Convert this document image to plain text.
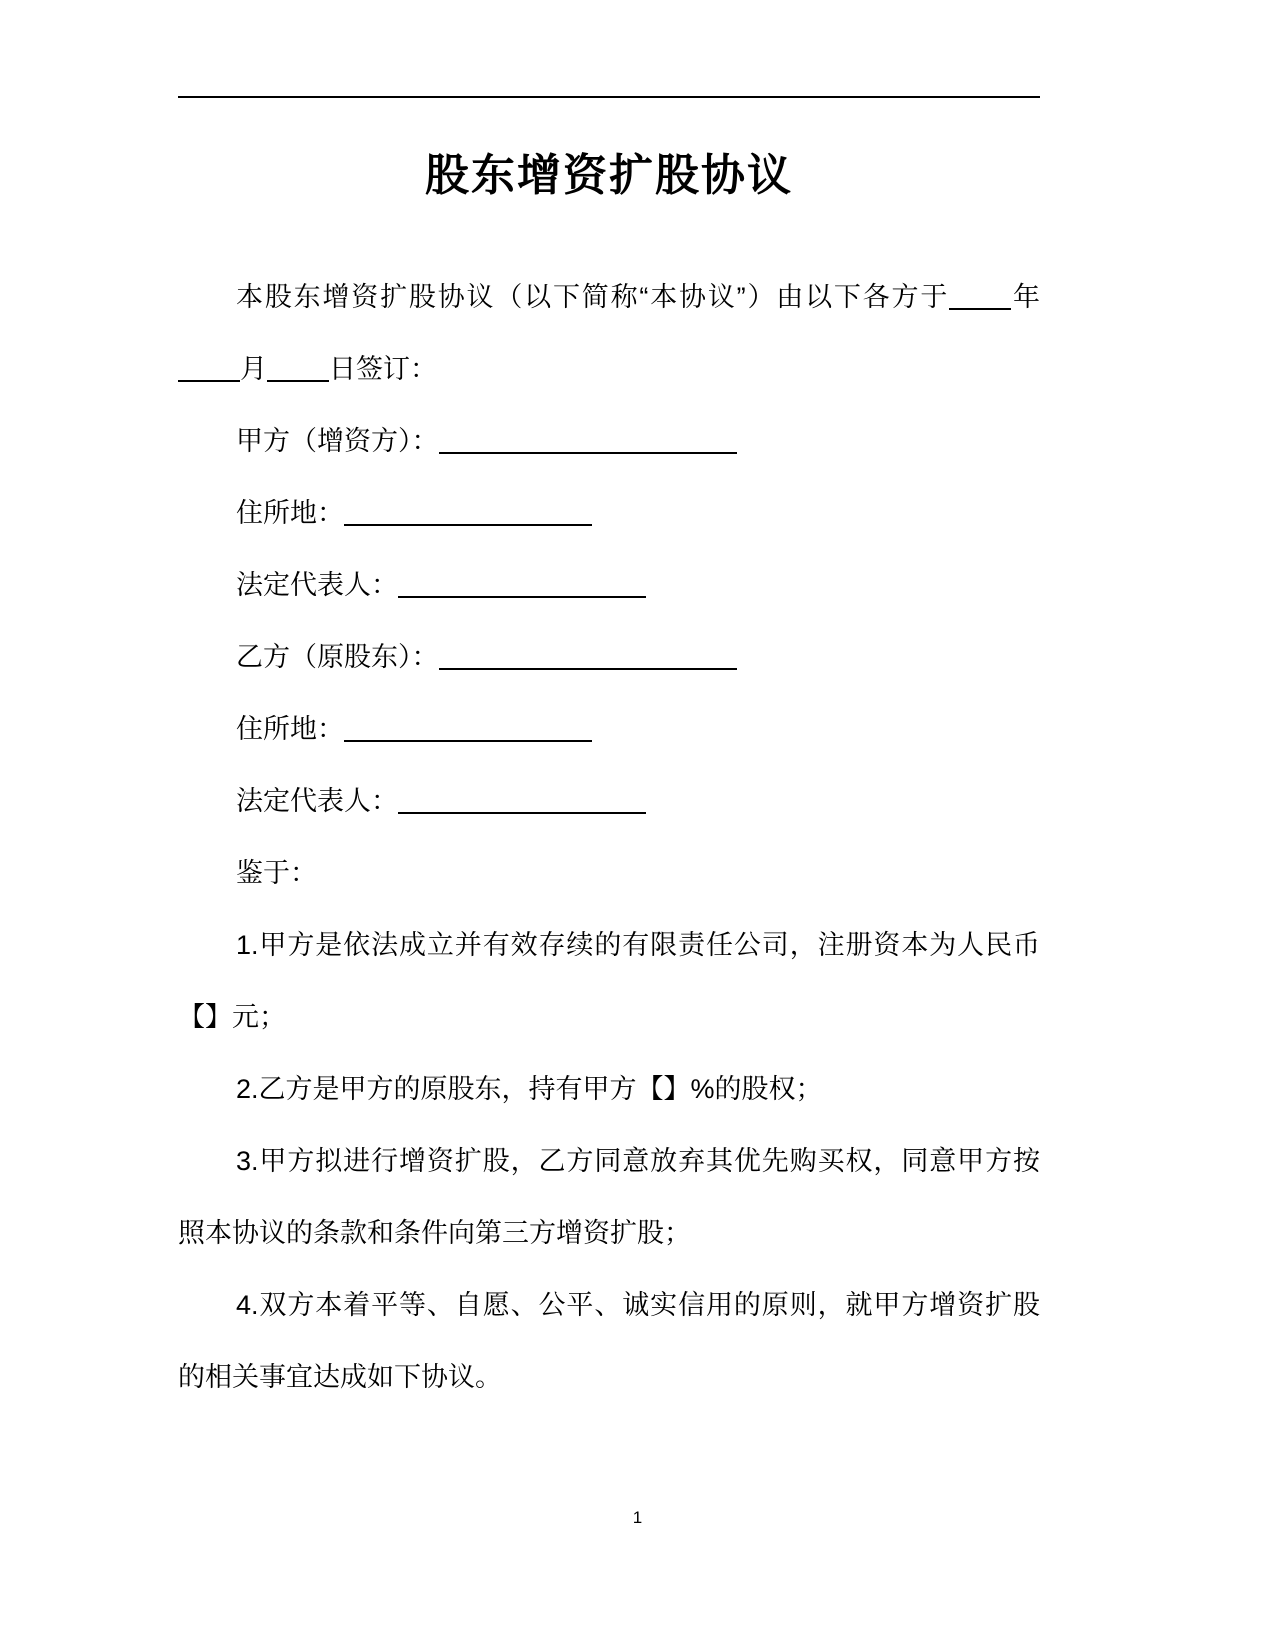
股东增资扩股协议

本股东增资扩股协议（以下简称“本协议”）由以下各方于 年月 日签订：

甲方（增资方）：

住所地：

法定代表人：

乙方（原股东）：

住所地：

法定代表人：

鉴于：

1.甲方是依法成立并有效存续的有限责任公司，注册资本为人民币【】元；

2.乙方是甲方的原股东，持有甲方【】%的股权；

3.甲方拟进行增资扩股，乙方同意放弃其优先购买权，同意甲方按照本协议的条款和条件向第三方增资扩股；

4.双方本着平等、自愿、公平、诚实信用的原则，就甲方增资扩股的相关事宜达成如下协议。

1
